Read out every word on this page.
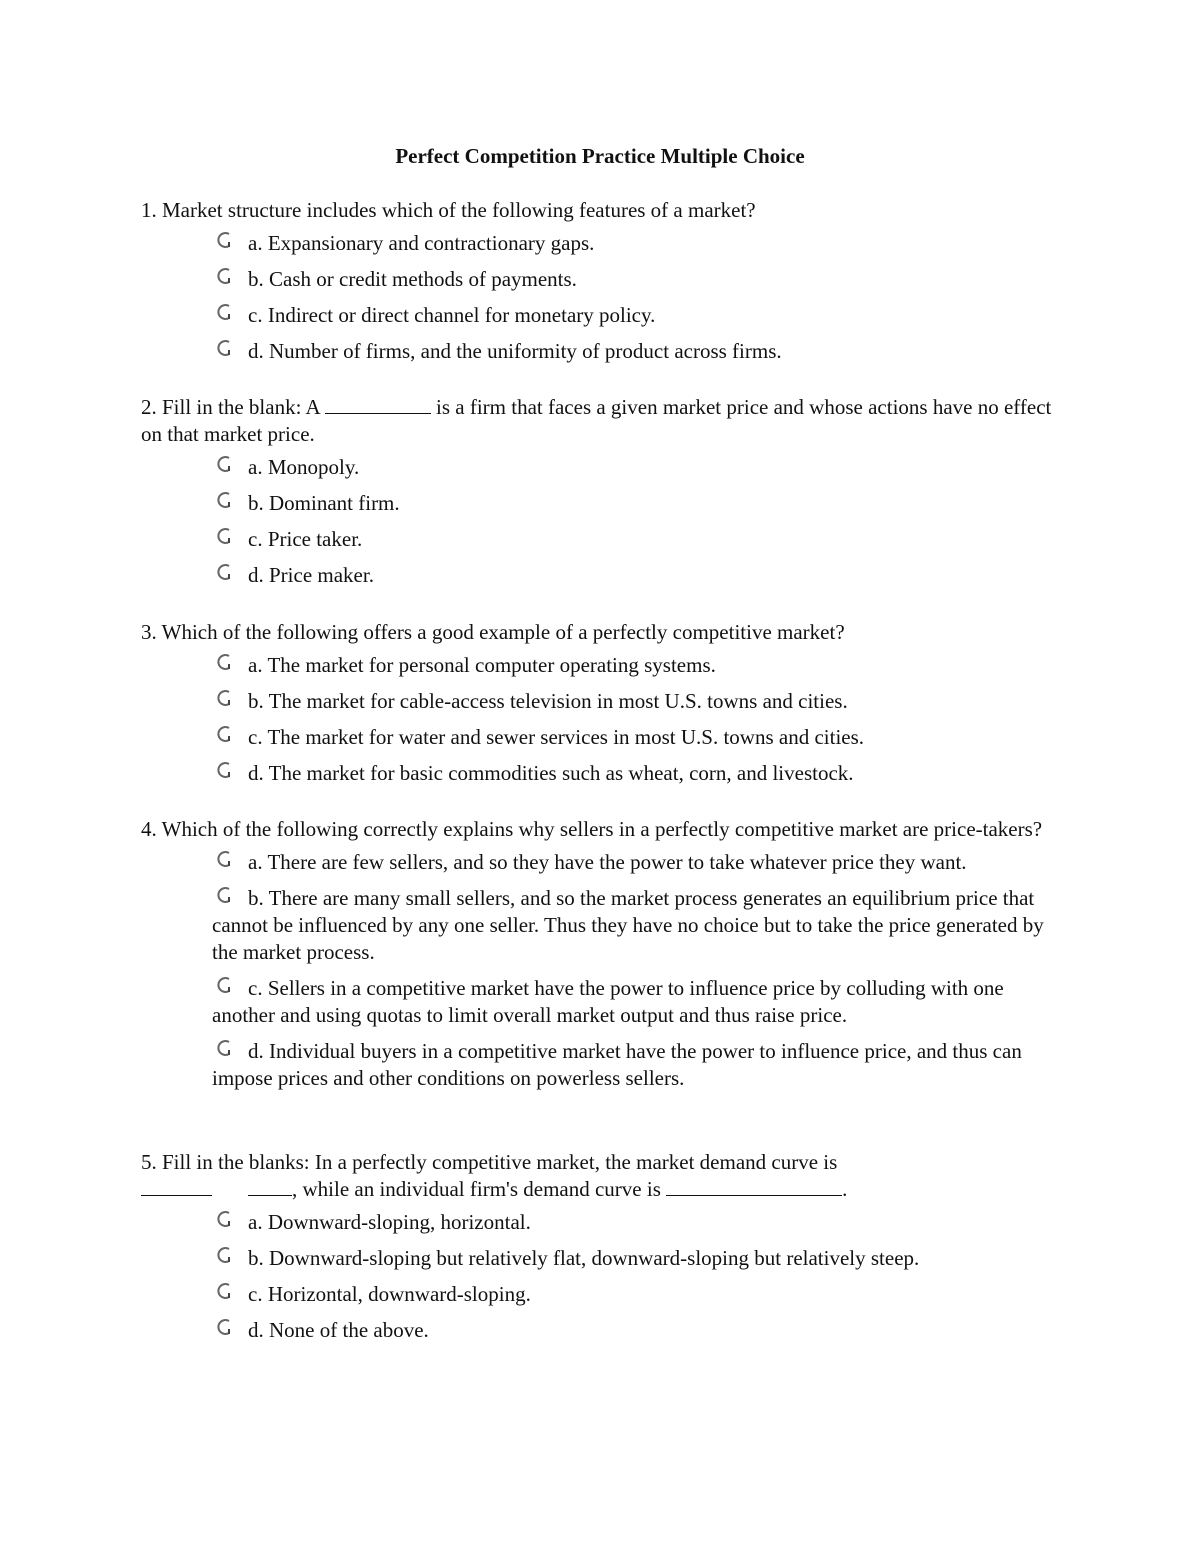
Perfect Competition Practice Multiple Choice

1. Market structure includes which of the following features of a market?

a. Expansionary and contractionary gaps.
b. Cash or credit methods of payments.
c. Indirect or direct channel for monetary policy.
d. Number of firms, and the uniformity of product across firms.

2. Fill in the blank: A	is a firm that faces a given market price and whose actions have no effect on that market price.

a. Monopoly.
b. Dominant firm.
c. Price taker.
d. Price maker.

3. Which of the following offers a good example of a perfectly competitive market?

a. The market for personal computer operating systems.
b. The market for cable-access television in most U.S. towns and cities.
c. The market for water and sewer services in most U.S. towns and cities.
d. The market for basic commodities such as wheat, corn, and livestock.

4. Which of the following correctly explains why sellers in a perfectly competitive market are price-takers?

a. There are few sellers, and so they have the power to take whatever price they want.
b. There are many small sellers, and so the market process generates an equilibrium price that cannot be influenced by any one seller. Thus they have no choice but to take the price generated by the market process.
c. Sellers in a competitive market have the power to influence price by colluding with one another and using quotas to limit overall market output and thus raise price.
d. Individual buyers in a competitive market have the power to influence price, and thus can impose prices and other conditions on powerless sellers.

5. Fill in the blanks: In a perfectly competitive market, the market demand curve is
, while an individual firm's demand curve is	.

a. Downward-sloping, horizontal.
b. Downward-sloping but relatively flat, downward-sloping but relatively steep.
c. Horizontal, downward-sloping.
d. None of the above.
